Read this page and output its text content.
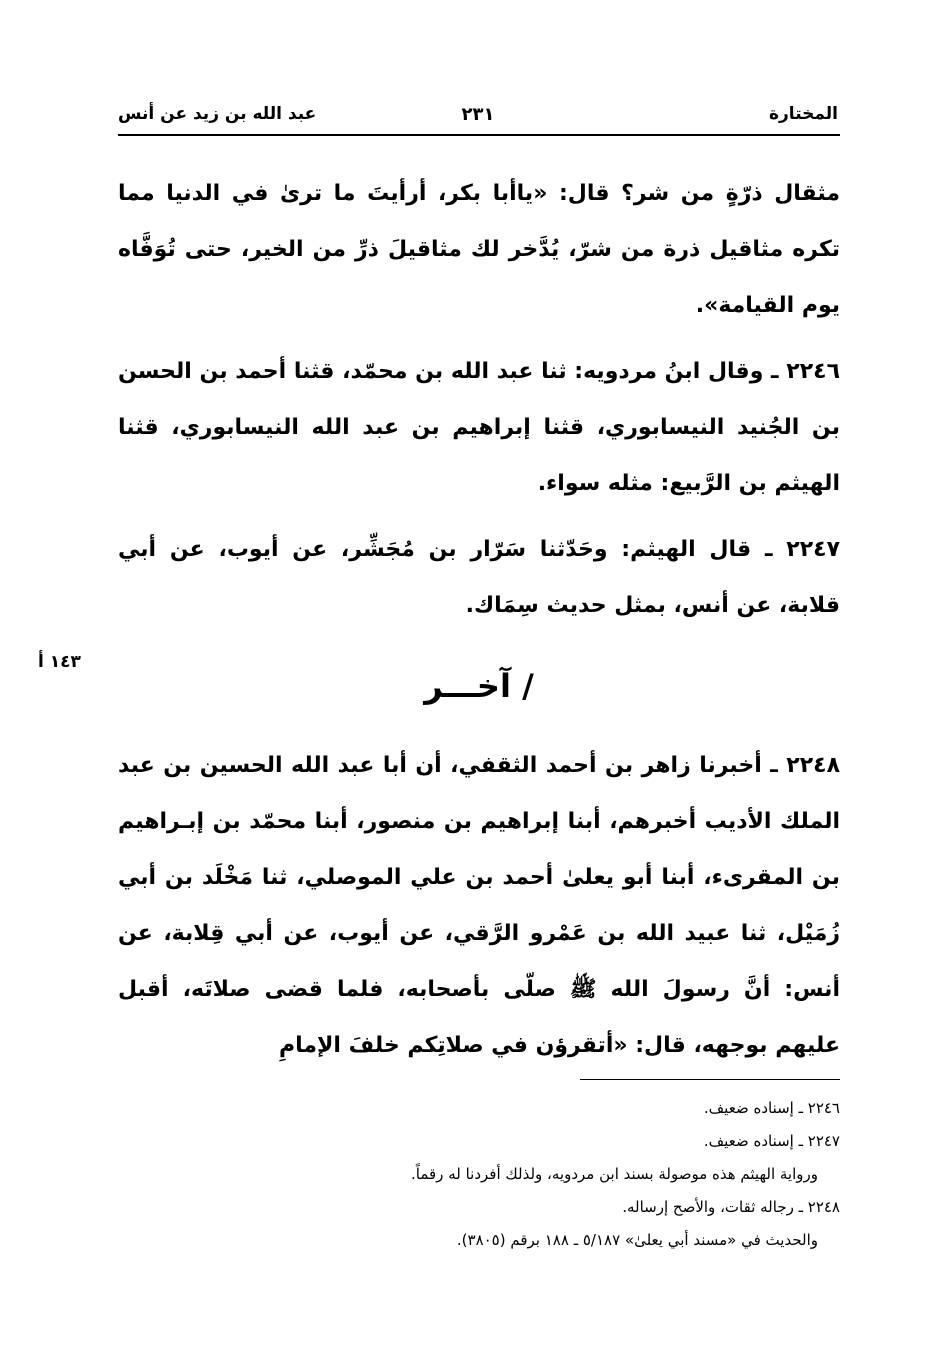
المختارة
٢٣١
عبد الله بن زيد عن أنس
١٤٣ أ

مثقال ذرّةٍ من شر؟ قال: «ياأبا بكر، أرأيتَ ما ترىٰ في الدنيا مما تكره مثاقيل ذرة من شرّ، يُدَّخر لك مثاقيلَ ذرِّ من الخير، حتى تُوَفَّاه يوم القيامة».

٢٢٤٦ ـ وقال ابنُ مردويه: ثنا عبد الله بن محمّد، قثنا أحمد بن الحسن بن الجُنيد النيسابوري، قثنا إبراهيم بن عبد الله النيسابوري، قثنا الهيثم بن الرَّبيع: مثله سواء.

٢٢٤٧ ـ قال الهيثم: وحَدّثنا سَرّار بن مُجَشِّر، عن أيوب، عن أبي قلابة، عن أنس، بمثل حديث سِمَاك.

/ آخـــر

٢٢٤٨ ـ أخبرنا زاهر بن أحمد الثقفي، أن أبا عبد الله الحسين بن عبد الملك الأديب أخبرهم، أبنا إبراهيم بن منصور، أبنا محمّد بن إبـراهيم بن المقرىء، أبنا أبو يعلىٰ أحمد بن علي الموصلي، ثنا مَخْلَد بن أبي زُمَيْل، ثنا عبيد الله بن عَمْرو الرَّقي، عن أيوب، عن أبي قِلابة، عن أنس: أنَّ رسولَ الله ﷺ صلّى بأصحابه، فلما قضى صلاتَه، أقبل عليهم بوجهه، قال: «أتقرؤن في صلاتِكم خلفَ الإمامِ

٢٢٤٦ ـ إسناده ضعيف.
٢٢٤٧ ـ إسناده ضعيف.
ورواية الهيثم هذه موصولة بسند ابن مردويه، ولذلك أفردنا له رقماً.
٢٢٤٨ ـ رجاله ثقات، والأصح إرساله.
والحديث في «مسند أبي يعلىٰ» ٥/١٨٧ ـ ١٨٨ برقم (٣٨٠٥).
